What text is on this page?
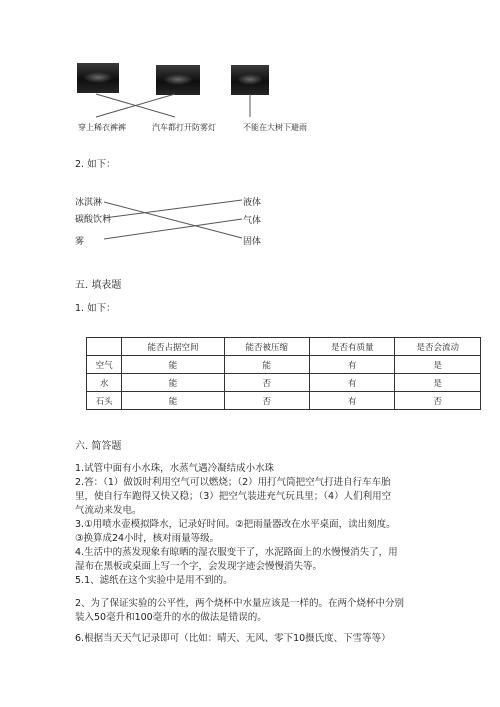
穿上稀衣裤裤	汽车都打开防雾灯	不能在大树下避雨
2. 如下：
冰淇淋
碳酸饮料
雾
液体
气体
固体
五. 填表题
1. 如下：
	能否占据空间	能否被压缩	是否有质量	是否会流动
空气	能	能	有	是
水	能	否	有	是
石头	能	否	有	否
六. 简答题
1.试管中面有小水珠，水蒸气遇冷凝结成小水珠
2.答：（1）做饭时利用空气可以燃烧；（2）用打气筒把空气打进自行车车胎
里，使自行车跑得又快又稳；（3）把空气装进充气玩具里；（4）人们利用空
气流动来发电。
3.①用喷水壶模拟降水，记录好时间。②把雨量器改在水平桌面，读出刻度。
③换算成24小时，核对雨量等级。
4.生活中的蒸发现象有晾晒的湿衣服变干了，水泥路面上的水慢慢消失了，用
湿布在黑板或桌面上写一个字，会发现字迹会慢慢消失等。
5.1、滤纸在这个实验中是用不到的。
2、为了保证实验的公平性，两个烧杯中水量应该是一样的。在两个烧杯中分别
装入50毫升和100毫升的水的做法是错误的。
6.根据当天天气记录即可（比如：晴天、无风、零下10摄氏度、下雪等等）
